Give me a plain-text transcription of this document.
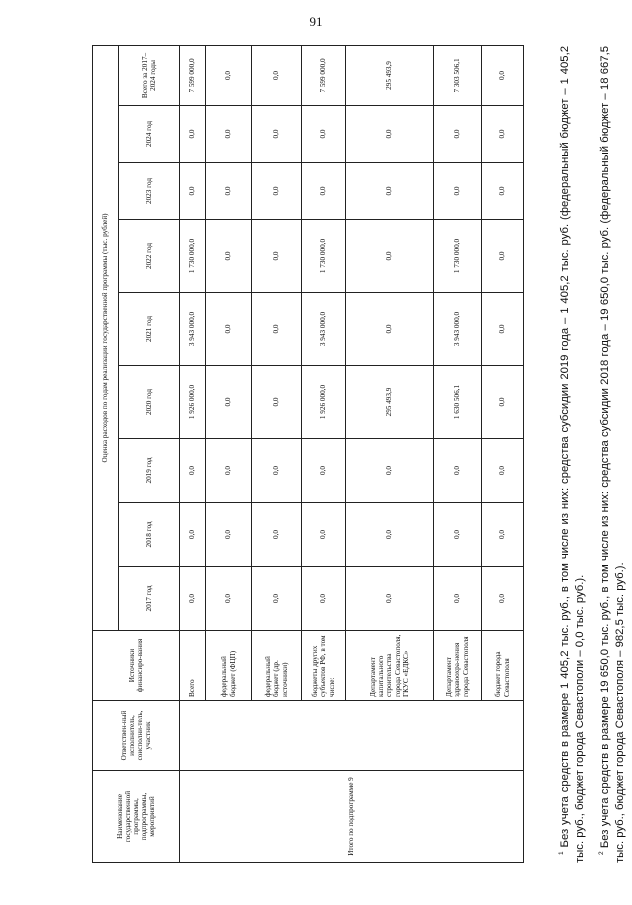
91
Наименование государственной программы, подпрограммы, мероприятий	Ответствен-ный исполнитель, соисполни-тель, участник	Источники финансиро-вания	Оценка расходов по годам реализации государственной программы (тыс. рублей)								
			2017 год	2018 год	2019 год	2020 год	2021 год	2022 год	2023 год	2024 год	Всего за 2017–2024 годы
Итого по подпрограмме 9		Всего	0,0	0,0	0,0	1 926 000,0	3 943 000,0	1 730 000,0	0,0	0,0	7 599 000,0
		федеральный бюджет (ФЦП)	0,0	0,0	0,0	0,0	0,0	0,0	0,0	0,0	0,0
		федеральный бюджет (др. источники)	0,0	0,0	0,0	0,0	0,0	0,0	0,0	0,0	0,0
		бюджеты других субъектов РФ, в том числе:	0,0	0,0	0,0	1 926 000,0	3 943 000,0	1 730 000,0	0,0	0,0	7 599 000,0
		Департамент капитального строительства города Севастополя, ГКУС «ЕДКС»	0,0	0,0	0,0	295 493,9	0,0	0,0	0,0	0,0	295 493,9
		Департамент здравоохра-нения города Севастополя	0,0	0,0	0,0	1 630 506,1	3 943 000,0	1 730 000,0	0,0	0,0	7 303 506,1
		бюджет города Севастополя	0,0	0,0	0,0	0,0	0,0	0,0	0,0	0,0	0,0

$^1$ Без учета средств в размере 1 405,2 тыс. руб., в том числе из них: средства субсидии 2019 года – 1 405,2 тыс. руб. (федеральный бюджет – 1 405,2 тыс. руб., бюджет города Севастополи – 0,0 тыс. руб.).	$^2$ Без учета средств в размере 19 650,0 тыс. руб., в том числе из них: средства субсидии 2018 года – 19 650,0 тыс. руб. (федеральный бюджет – 18 667,5 тыс. руб., бюджет города Севастополя – 982,5 тыс. руб.).
